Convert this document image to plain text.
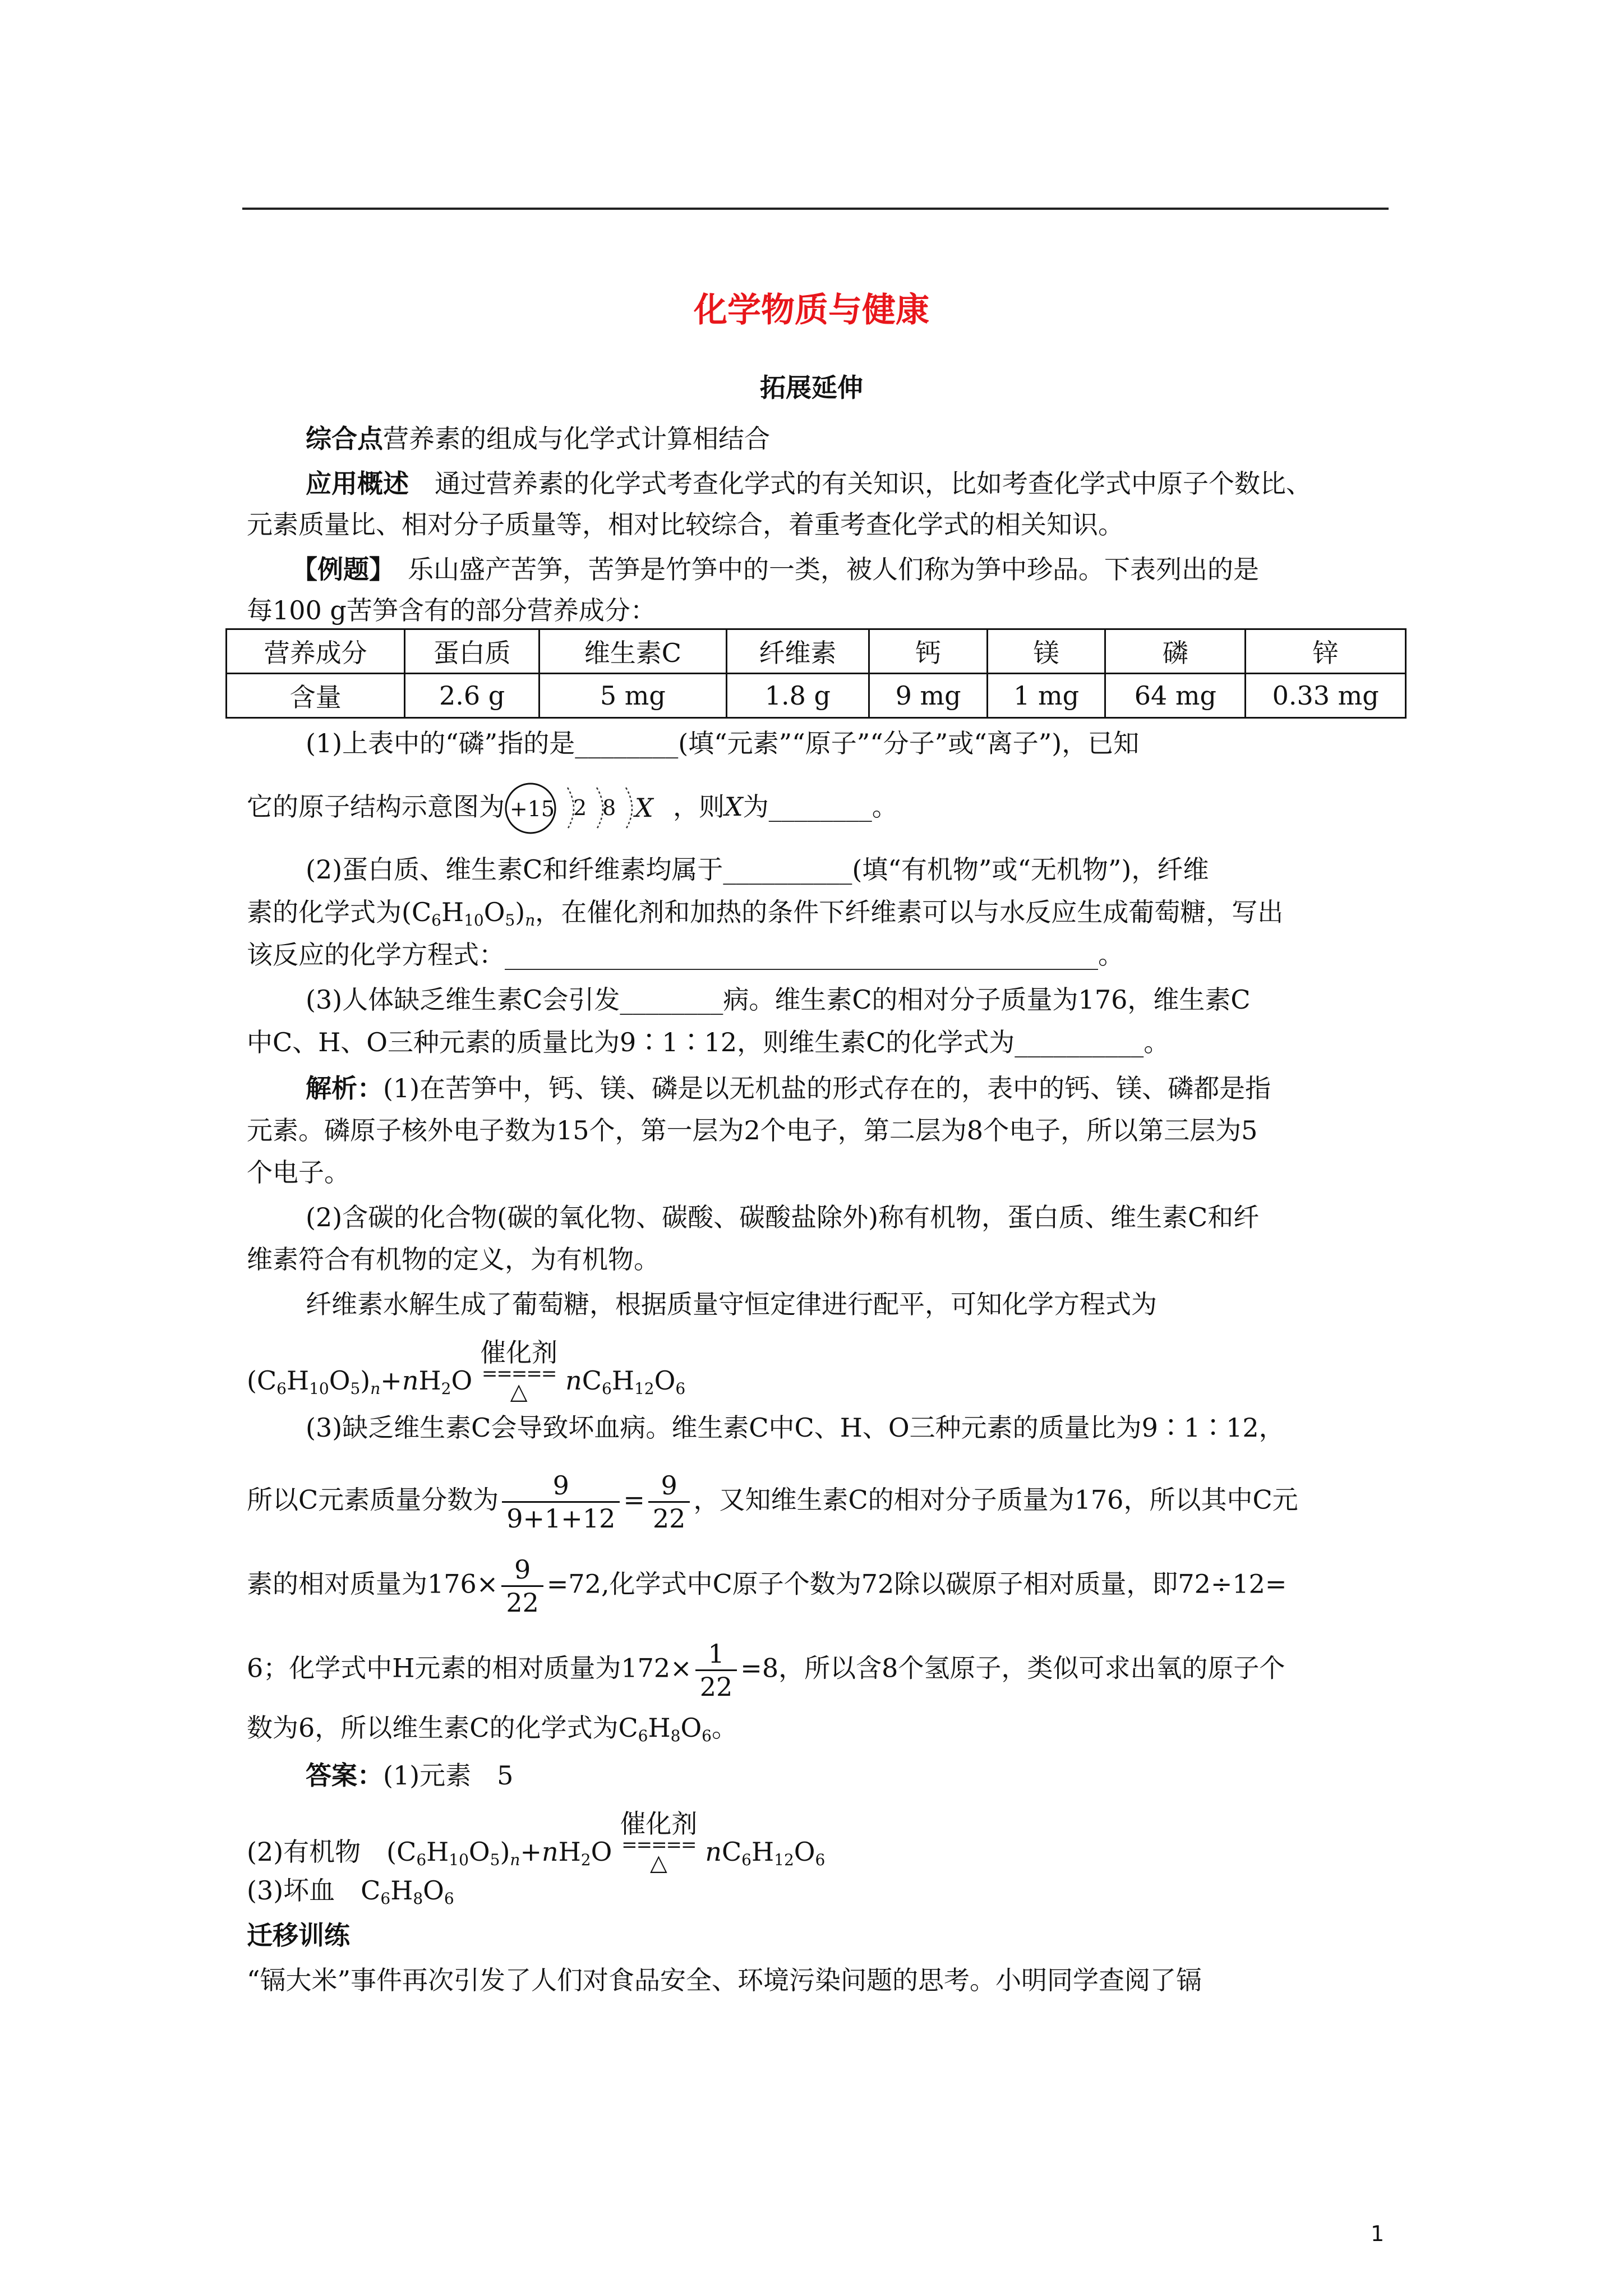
化学物质与健康
拓展延伸
综合点营养素的组成与化学式计算相结合
应用概述　 通过营养素的化学式考查化学式的有关知识，比如考查化学式中原子个数比、
元素质量比、相对分子质量等，相对比较综合，着重考查化学式的相关知识。
【例题】　 乐山盛产苦笋，苦笋是竹笋中的一类，被人们称为笋中珍品。下表列出的是
每100 g苦笋含有的部分营养成分：
营养成分	蛋白质	维生素C	纤维素	钙	镁	磷	锌
含量	2.6 g	5 mg	1.8 g	9 mg	1 mg	64 mg	0.33 mg
(1)上表中的“磷”指的是________(填“元素”“原子”“分子”或“离子”)，已知
它的原子结构示意图为 +15 2 8 X ，则X为________。
(2)蛋白质、维生素C和纤维素均属于__________(填“有机物”或“无机物”)，纤维
素的化学式为$(C_6H_{10}O_5)_n$，在催化剂和加热的条件下纤维素可以与水反应生成葡萄糖，写出
该反应的化学方程式：______________________________________________。
(3)人体缺乏维生素C会引发________病。维生素C的相对分子质量为176，维生素C
中C、H、O三种元素的质量比为9∶1∶12，则维生素C的化学式为__________。
解析：(1)在苦笋中，钙、镁、磷是以无机盐的形式存在的，表中的钙、镁、磷都是指
元素。磷原子核外电子数为15个，第一层为2个电子，第二层为8个电子，所以第三层为5
个电子。
(2)含碳的化合物(碳的氧化物、碳酸、碳酸盐除外)称有机物，蛋白质、维生素C和纤
维素符合有机物的定义，为有机物。
纤维素水解生成了葡萄糖，根据质量守恒定律进行配平，可知化学方程式为
$(C_6H_{10}O_5)_n+nH_2O$
催化剂
=====
△	$nC_6H_{12}O_6$
(3)缺乏维生素C会导致坏血病。维生素C中C、H、O三种元素的质量比为9∶1∶12，
所以C元素质量分数为 $\frac{9}{9+1+12} = \frac{9}{22}$ ，又知维生素C的相对分子质量为176，所以其中C元
素的相对质量为$176\times \frac{9}{22} =72$,化学式中C原子个数为72除以碳原子相对质量，即72÷12=
6；化学式中H元素的相对质量为$172\times \frac{1}{22} =8$，所以含8个氢原子，类似可求出氧的原子个
数为6，所以维生素C的化学式为$C_6H_8O_6$。
答案：(1)元素　5
(2)有机物　 $(C_6H_{10}O_5)_n+nH_2O$
催化剂
=====
△	$nC_6H_{12}O_6$
(3)坏血　 $C_6H_8O_6$
迁移训练
“镉大米”事件再次引发了人们对食品安全、环境污染问题的思考。小明同学查阅了镉
1
